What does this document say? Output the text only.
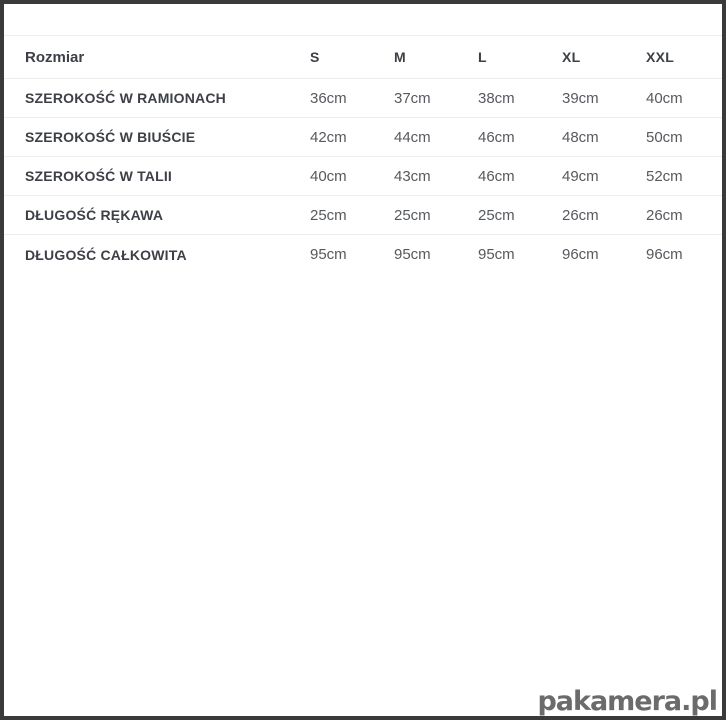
Rozmiar	S	M	L	XL	XXL
SZEROKOŚĆ W RAMIONACH	36cm	37cm	38cm	39cm	40cm
SZEROKOŚĆ W BIUŚCIE	42cm	44cm	46cm	48cm	50cm
SZEROKOŚĆ W TALII	40cm	43cm	46cm	49cm	52cm
DŁUGOŚĆ RĘKAWA	25cm	25cm	25cm	26cm	26cm
DŁUGOŚĆ CAŁKOWITA	95cm	95cm	95cm	96cm	96cm
pakamera.pl
